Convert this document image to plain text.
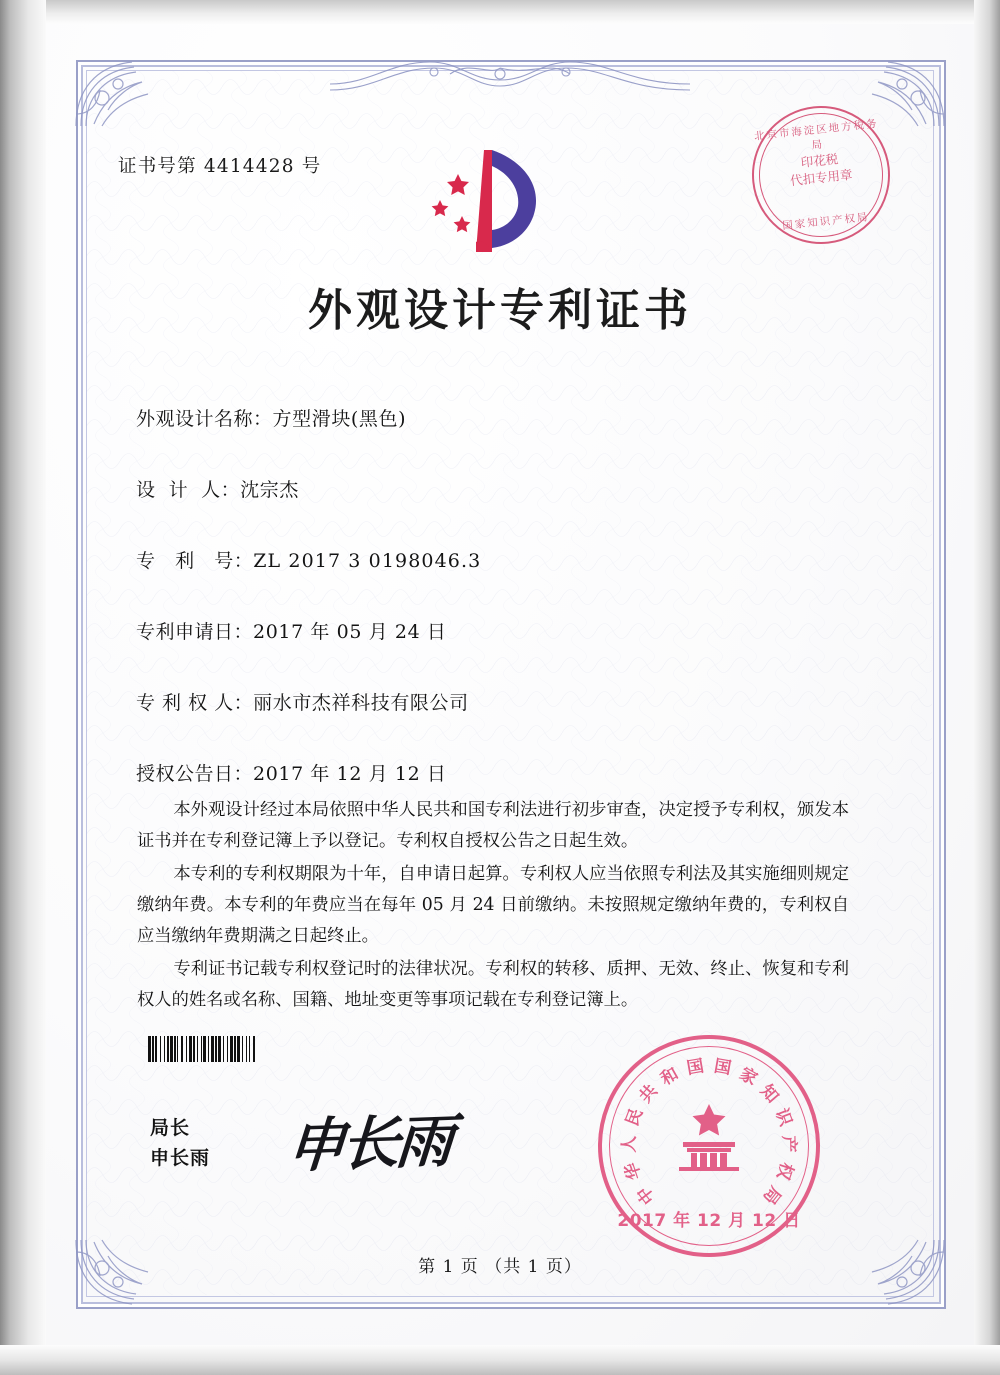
证书号第 4414428 号
北京市海淀区地方税务局
印花税
代扣专用章
国家知识产权局
外观设计专利证书
外观设计名称： 方型滑块(黑色)
设  计  人： 沈宗杰
专   利   号： ZL 2017 3 0198046.3
专利申请日： 2017 年 05 月 24 日
专 利 权 人： 丽水市杰祥科技有限公司
授权公告日： 2017 年 12 月 12 日

本外观设计经过本局依照中华人民共和国专利法进行初步审查，决定授予专利权，颁发本证书并在专利登记簿上予以登记。专利权自授权公告之日起生效。

本专利的专利权期限为十年，自申请日起算。专利权人应当依照专利法及其实施细则规定缴纳年费。本专利的年费应当在每年 05 月 24 日前缴纳。未按照规定缴纳年费的，专利权自应当缴纳年费期满之日起终止。

专利证书记载专利权登记时的法律状况。专利权的转移、质押、无效、终止、恢复和专利权人的姓名或名称、国籍、地址变更等事项记载在专利登记簿上。

局长
申长雨 申长雨
中
华
人
民
共
和 国 国 家
知
识
产
权
局
2017 年 12 月 12 日
第 1 页 （共 1 页）
